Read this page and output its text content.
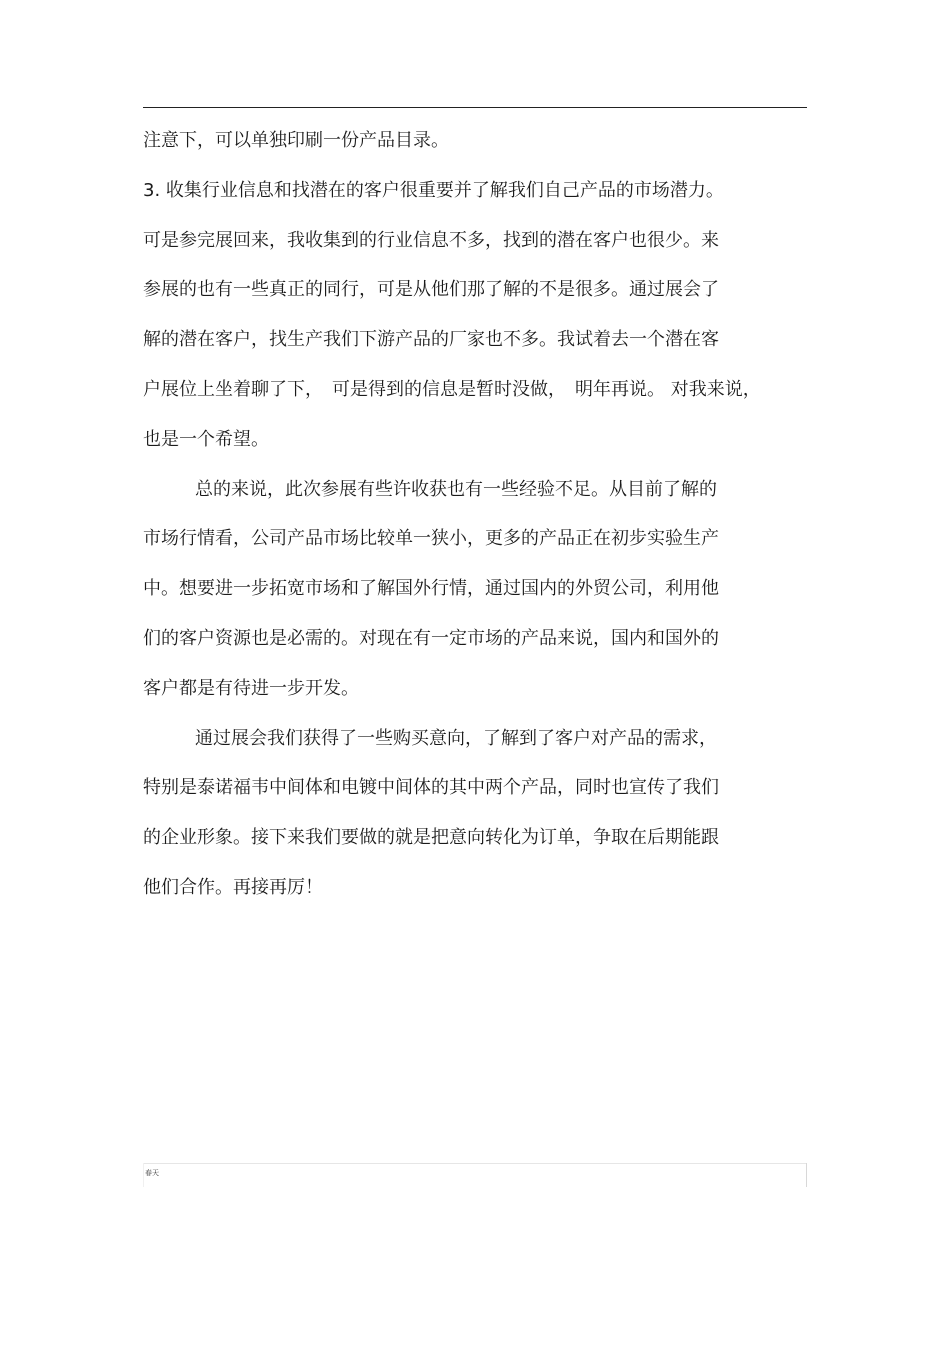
注意下，可以单独印刷一份产品目录。
3. 收集行业信息和找潜在的客户很重要并了解我们自己产品的市场潜力。
可是参完展回来，我收集到的行业信息不多，找到的潜在客户也很少。来
参展的也有一些真正的同行，可是从他们那了解的不是很多。通过展会了
解的潜在客户，找生产我们下游产品的厂家也不多。我试着去一个潜在客
户展位上坐着聊了下，　可是得到的信息是暂时没做，　明年再说。 对我来说，
也是一个希望。
总的来说，此次参展有些许收获也有一些经验不足。从目前了解的
市场行情看，公司产品市场比较单一狭小，更多的产品正在初步实验生产
中。想要进一步拓宽市场和了解国外行情，通过国内的外贸公司，利用他
们的客户资源也是必需的。对现在有一定市场的产品来说，国内和国外的
客户都是有待进一步开发。
通过展会我们获得了一些购买意向，了解到了客户对产品的需求，
特别是泰诺福韦中间体和电镀中间体的其中两个产品，同时也宣传了我们
的企业形象。接下来我们要做的就是把意向转化为订单，争取在后期能跟
他们合作。再接再厉！
春天
